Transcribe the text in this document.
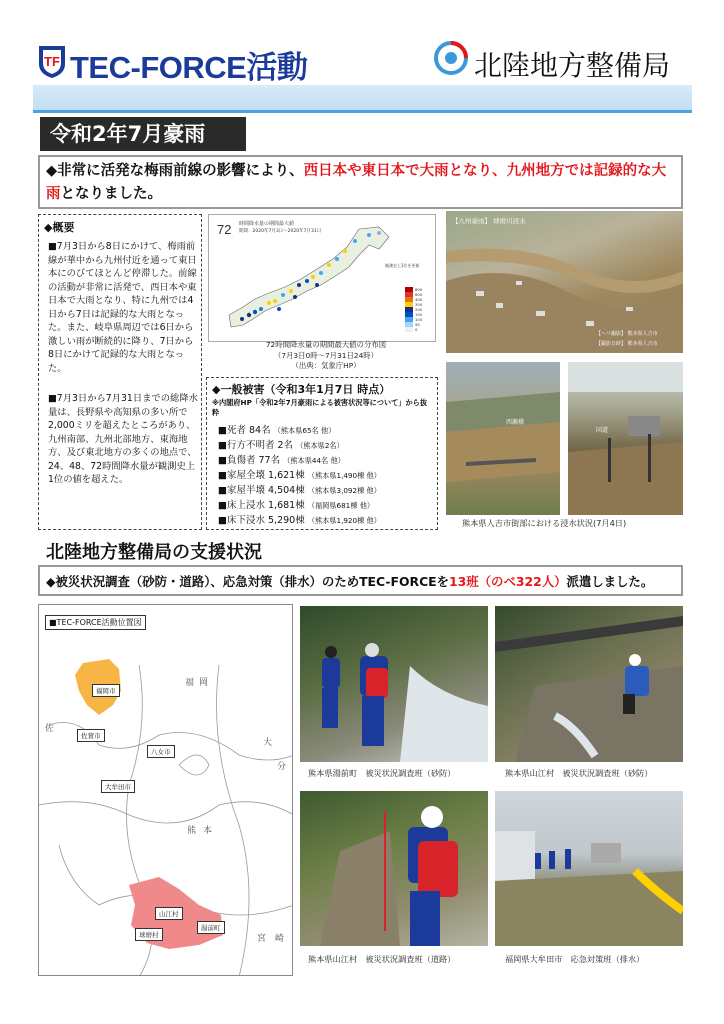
TF TEC-FORCE活動	北陸地方整備局
令和2年7月豪雨
◆非常に活発な梅雨前線の影響により、西日本や東日本で大雨となり、九州地方では記録的な大雨となりました。
◆概要
■7月3日から8日にかけて、梅雨前線が華中から九州付近を通って東日本にのびてほとんど停滞した。前線の活動が非常に活発で、西日本や東日本で大雨となり、特に九州では4日から7日は記録的な大雨となった。また、岐阜県周辺では6日から激しい雨が断続的に降り、7日から8日にかけて記録的な大雨となった。
■7月3日から7月31日までの総降水量は、長野県や高知県の多い所で2,000ミリを超えたところがあり、九州南部、九州北部地方、東海地方、及び東北地方の多くの地点で、24、48、72時間降水量が観測史上1位の値を超えた。
72 時間降水量の期間最大値
期間：2020年7月3日〜2020年7月31日
観測史上1位を更新
800
600
400
300
200
150
100
50
0
72時間降水量の期間最大値の分布図
（7月3日0時～7月31日24時）
（出典：気象庁HP）
◆一般被害（令和3年1月7日 時点）
※内閣府HP「令和2年7月豪雨による被害状況等について」から抜粋
■死者 84名 （熊本県65名 他）
■行方不明者 2名 （熊本県2名）
■負傷者 77名 （熊本県44名 他）
■家屋全壊 1,621棟 （熊本県1,490棟 他）
■家屋半壊 4,504棟 （熊本県3,092棟 他）
■床上浸水 1,681棟 （福岡県681棟 他）
■床下浸水 5,290棟 （熊本県1,920棟 他）
【九州豪雨】 球磨川浸水
【ヘリ撮影】 熊本県人吉市
【撮影日時】 熊本県人吉市
西瀬橋
国道
熊本県人吉市街部における浸水状況(7月4日)
北陸地方整備局の支援状況
◆被災状況調査（砂防・道路）、応急対策（排水）のためTEC-FORCEを13班（のべ322人）派遣しました。
■TEC-FORCE活動位置図
福 岡
佐
大
分
熊 本
宮 崎
福岡市
佐賀市
八女市
大牟田市
山江村
湯前町
球磨村
熊本県湯前町　被災状況調査班（砂防）	熊本県山江村　被災状況調査班（砂防）
熊本県山江村　被災状況調査班（道路）	福岡県大牟田市　応急対策班（排水）
